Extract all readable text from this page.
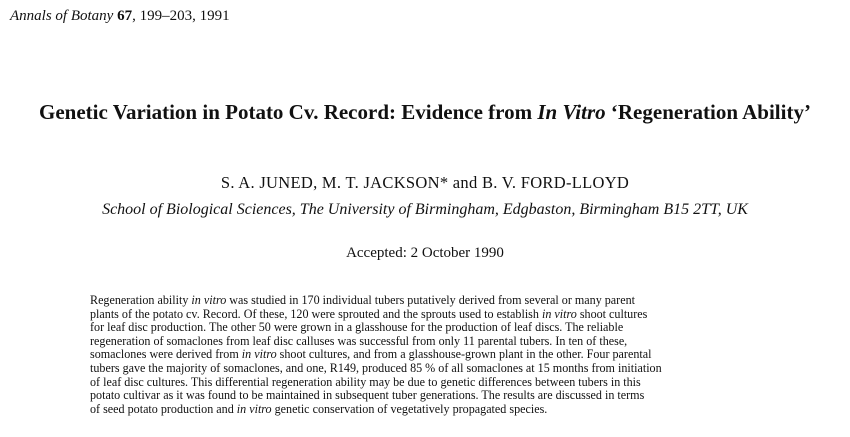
Annals of Botany 67, 199–203, 1991
Genetic Variation in Potato Cv. Record: Evidence from In Vitro ‘Regeneration Ability’
S. A. JUNED, M. T. JACKSON* and B. V. FORD-LLOYD
School of Biological Sciences, The University of Birmingham, Edgbaston, Birmingham B15 2TT, UK
Accepted: 2 October 1990
Regeneration ability in vitro was studied in 170 individual tubers putatively derived from several or many parent
plants of the potato cv. Record. Of these, 120 were sprouted and the sprouts used to establish in vitro shoot cultures
for leaf disc production. The other 50 were grown in a glasshouse for the production of leaf discs. The reliable
regeneration of somaclones from leaf disc calluses was successful from only 11 parental tubers. In ten of these,
somaclones were derived from in vitro shoot cultures, and from a glasshouse-grown plant in the other. Four parental
tubers gave the majority of somaclones, and one, R149, produced 85 % of all somaclones at 15 months from initiation
of leaf disc cultures. This differential regeneration ability may be due to genetic differences between tubers in this
potato cultivar as it was found to be maintained in subsequent tuber generations. The results are discussed in terms
of seed potato production and in vitro genetic conservation of vegetatively propagated species.
